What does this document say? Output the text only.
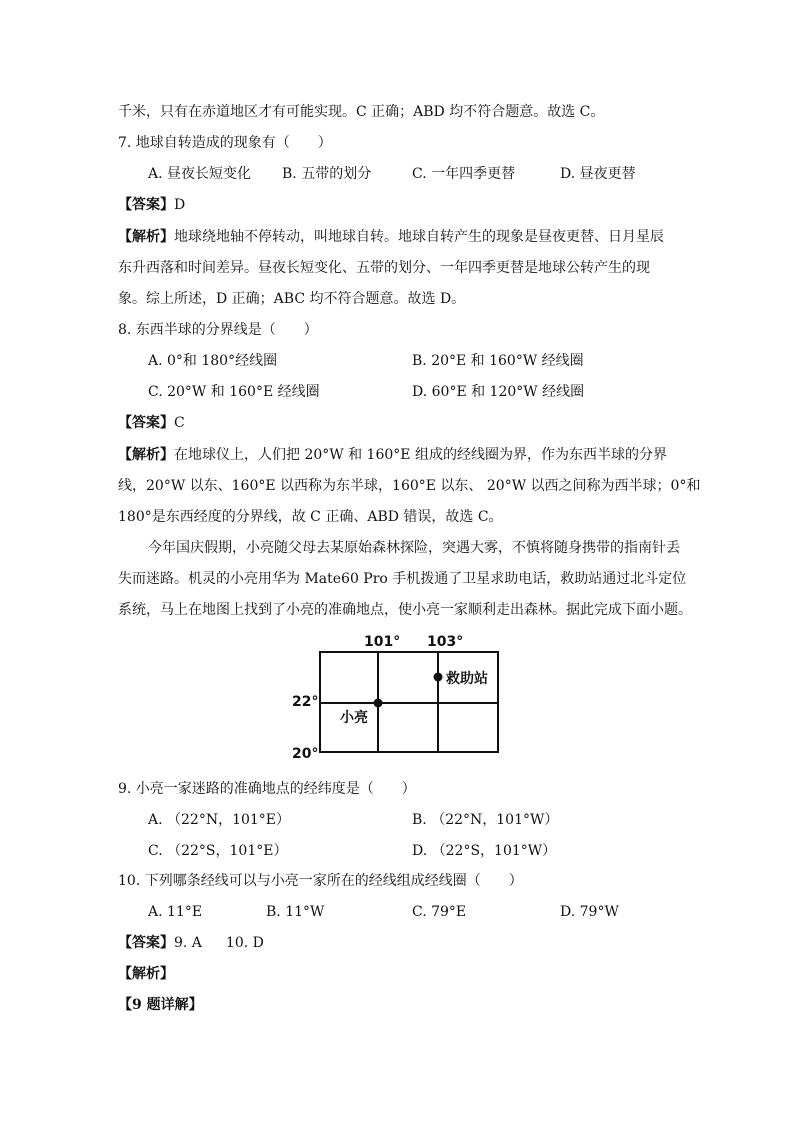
千米，只有在赤道地区才有可能实现。C 正确；ABD 均不符合题意。故选 C。
7. 地球自转造成的现象有（　　）
A. 昼夜长短变化 B. 五带的划分	C. 一年四季更替	D. 昼夜更替
【答案】D
【解析】地球绕地轴不停转动，叫地球自转。地球自转产生的现象是昼夜更替、日月星辰
东升西落和时间差异。昼夜长短变化、五带的划分、一年四季更替是地球公转产生的现
象。综上所述，D 正确；ABC 均不符合题意。故选 D。
8. 东西半球的分界线是（　　）
A. 0°和 180°经线圈	B. 20°E 和 160°W 经线圈
C. 20°W 和 160°E 经线圈	D. 60°E 和 120°W 经线圈
【答案】C
【解析】在地球仪上，人们把 20°W 和 160°E 组成的经线圈为界，作为东西半球的分界
线，20°W 以东、160°E 以西称为东半球，160°E 以东、 20°W 以西之间称为西半球；0°和
180°是东西经度的分界线，故 C 正确、ABD 错误，故选 C。
今年国庆假期，小亮随父母去某原始森林探险，突遇大雾，不慎将随身携带的指南针丢
失而迷路。机灵的小亮用华为 Mate60 Pro 手机拨通了卫星求助电话，救助站通过北斗定位
系统，马上在地图上找到了小亮的准确地点，使小亮一家顺利走出森林。据此完成下面小题。
101° 103°
22°
20°
救助站
小亮
9. 小亮一家迷路的准确地点的经纬度是（　　）
A. （22°N，101°E）	B. （22°N，101°W）
C. （22°S，101°E）	D. （22°S，101°W）
10. 下列哪条经线可以与小亮一家所在的经线组成经线圈（　　）
A. 11°E	B. 11°W	C. 79°E	D. 79°W
【答案】9. A 10. D
【解析】
【9 题详解】
